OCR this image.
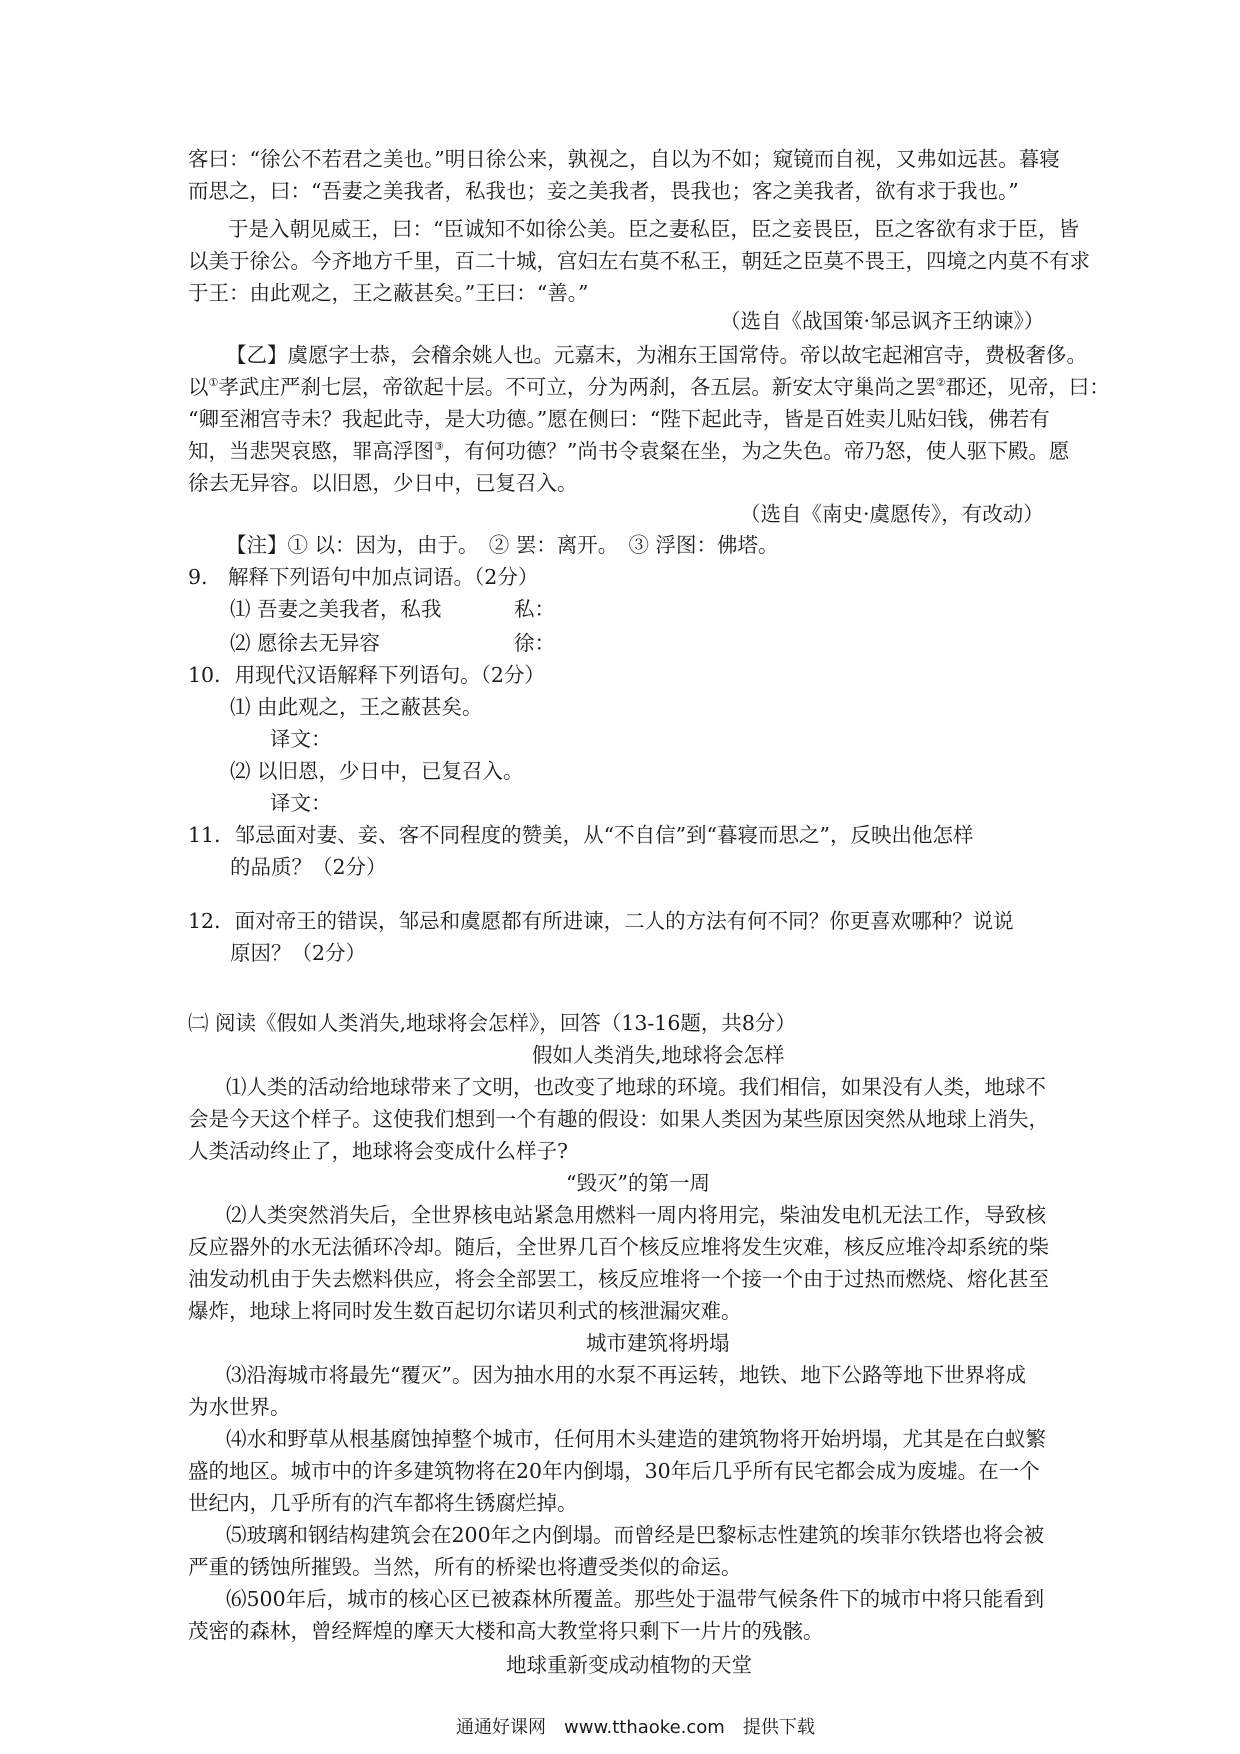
客曰：“徐公不若君之美也。”明日徐公来，孰视之，自以为不如；窥镜而自视，又弗如远甚。暮寝
而思之，曰：“吾妻之美我者，私我也；妾之美我者，畏我也；客之美我者，欲有求于我也。”
于是入朝见威王，曰：“臣诚知不如徐公美。臣之妻私臣，臣之妾畏臣，臣之客欲有求于臣，皆
以美于徐公。今齐地方千里，百二十城，宫妇左右莫不私王，朝廷之臣莫不畏王，四境之内莫不有求
于王：由此观之，王之蔽甚矣。”王曰：“善。”
（选自《战国策·邹忌讽齐王纳谏》）
【乙】虞愿字士恭，会稽余姚人也。元嘉末，为湘东王国常侍。帝以故宅起湘宫寺，费极奢侈。
以①孝武庄严刹七层，帝欲起十层。不可立，分为两刹，各五层。新安太守巢尚之罢②郡还，见帝，曰：
“卿至湘宫寺未？我起此寺，是大功德。”愿在侧曰：“陛下起此寺，皆是百姓卖儿贴妇钱，佛若有
知，当悲哭哀愍，罪高浮图③，有何功德？”尚书令袁粲在坐，为之失色。帝乃怒，使人驱下殿。愿
徐去无异容。以旧恩，少日中，已复召入。
（选自《南史·虞愿传》，有改动）
【注】① 以：因为，由于。　② 罢：离开。　③ 浮图：佛塔。
9.　解释下列语句中加点词语。（2分）
⑴ 吾妻之美我者，私我	私：
⑵ 愿徐去无异容	徐：
10．用现代汉语解释下列语句。（2分）
⑴ 由此观之，王之蔽甚矣。
译文：
⑵ 以旧恩，少日中，已复召入。
译文：
11．邹忌面对妻、妾、客不同程度的赞美，从“不自信”到“暮寝而思之”，反映出他怎样
的品质？（2分）
12．面对帝王的错误，邹忌和虞愿都有所进谏，二人的方法有何不同？你更喜欢哪种？说说
原因？（2分）
㈡ 阅读《假如人类消失,地球将会怎样》，回答（13-16题，共8分）
假如人类消失,地球将会怎样
⑴人类的活动给地球带来了文明，也改变了地球的环境。我们相信，如果没有人类，地球不
会是今天这个样子。这使我们想到一个有趣的假设：如果人类因为某些原因突然从地球上消失，
人类活动终止了，地球将会变成什么样子?
“毁灭”的第一周
⑵人类突然消失后，全世界核电站紧急用燃料一周内将用完，柴油发电机无法工作，导致核
反应器外的水无法循环冷却。随后，全世界几百个核反应堆将发生灾难，核反应堆冷却系统的柴
油发动机由于失去燃料供应，将会全部罢工，核反应堆将一个接一个由于过热而燃烧、熔化甚至
爆炸，地球上将同时发生数百起切尔诺贝利式的核泄漏灾难。
城市建筑将坍塌
⑶沿海城市将最先“覆灭”。因为抽水用的水泵不再运转，地铁、地下公路等地下世界将成
为水世界。
⑷水和野草从根基腐蚀掉整个城市，任何用木头建造的建筑物将开始坍塌，尤其是在白蚁繁
盛的地区。城市中的许多建筑物将在20年内倒塌，30年后几乎所有民宅都会成为废墟。在一个
世纪内，几乎所有的汽车都将生锈腐烂掉。
⑸玻璃和钢结构建筑会在200年之内倒塌。而曾经是巴黎标志性建筑的埃菲尔铁塔也将会被
严重的锈蚀所摧毁。当然，所有的桥梁也将遭受类似的命运。
⑹500年后，城市的核心区已被森林所覆盖。那些处于温带气候条件下的城市中将只能看到
茂密的森林，曾经辉煌的摩天大楼和高大教堂将只剩下一片片的残骸。
地球重新变成动植物的天堂
通通好课网　www.tthaoke.com　提供下载
